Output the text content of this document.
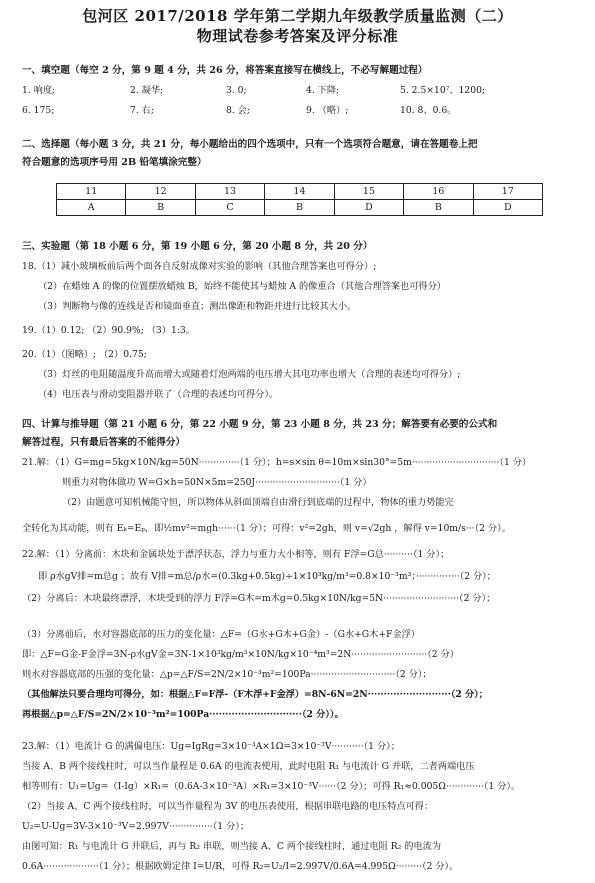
包河区 2017/2018 学年第二学期九年级教学质量监测（二）
物理试卷参考答案及评分标准
一、填空题（每空 2 分，第 9 题 4 分，共 26 分，将答案直接写在横线上，不必写解题过程）
1. 响度;	2. 凝华;	3. 0;	4. 下降;	5. 2.5×10⁷、1200;
6. 175;	7. 右;	8. 会;	9. （略）;	10. 8、0.6。
二、选择题（每小题 3 分，共 21 分，每小题给出的四个选项中，只有一个选项符合题意，请在答题卷上把
符合题意的选项序号用 2B 铅笔填涂完整）
11	12	13	14	15	16	17
A	B	C	B	D	B	D
三、实验题（第 18 小题 6 分，第 19 小题 6 分，第 20 小题 8 分，共 20 分）
18.（1）减小玻璃板前后两个面各自反射成像对实验的影响（其他合理答案也可得分）;
（2）在蜡烛 A 的像的位置摆放蜡烛 B，始终不能使其与蜡烛 A 的像重合（其他合理答案也可得分）
（3）判断物与像的连线是否和镜面垂直；测出像距和物距并进行比较其大小。
19.（1）0.12; （2）90.9%; （3）1:3。
20.（1）（图略）; （2）0.75;
（3）灯丝的电阻随温度升高而增大或随着灯泡两端的电压增大其电功率也增大（合理的表述均可得分）;
（4）电压表与滑动变阻器并联了（合理的表述均可得分）。
四、计算与推导题（第 21 小题 6 分，第 22 小题 9 分，第 23 小题 8 分，共 23 分；解答要有必要的公式和
解答过程，只有最后答案的不能得分）
21.解：（1）G=mg=5kg×10N/kg=50N··············（1 分）；h=s×sin θ=10m×sin30°=5m······························（1 分）
则重力对物体做功 W=G×h=50N×5m=250J·····························（1 分）
（2）由题意可知机械能守恒，所以物体从斜面顶端自由滑行到底端的过程中，物体的重力势能完
全转化为其动能，则有 Eₖ=Eₚ，即½mv²=mgh······（1 分）；可得：v²=2gh，则 v=√2gh ，解得 v=10m/s···（2 分）。
22.解：（1）分离前：木块和金属块处于漂浮状态，浮力与重力大小相等，则有 F浮=G总··········（1 分）；
即 ρ水gV排=m总g ；故有 V排=m总/ρ水=(0.3kg+0.5kg)÷1×10³kg/m³=0.8×10⁻³m³；···············（2 分）；
（2）分离后：木块最终漂浮，木块受到的浮力 F浮=G木=m木g=0.5kg×10N/kg=5N··························（2 分）；
（3）分离前后，水对容器底部的压力的变化量：△F=（G水+G木+G金）-（G水+G木+F金浮）
即：△F=G金-F金浮=3N-ρ水gV金=3N-1×10³kg/m³×10N/kg×10⁻⁴m³=2N··························（2 分）
则水对容器底部的压强的变化量：△p=△F/S=2N/2×10⁻³m²=100Pa·····························（2 分）；
（其他解法只要合理均可得分，如：根据△F=F浮-（F木浮+F金浮）=8N-6N=2N··························（2 分）；
再根据△p=△F/S=2N/2×10⁻³m²=100Pa·····························（2 分））。
23.解：（1）电流计 G 的满偏电压：Ug=IgRg=3×10⁻³A×1Ω=3×10⁻³V···········（1 分）；
当接 A、B 两个接线柱时，可以当作量程是 0.6A 的电流表使用，此时电阻 R₁ 与电流计 G 并联，二者两端电压
相等则有：U₁=Ug=（I-Ig）×R₁=（0.6A-3×10⁻³A）×R₁=3×10⁻³V······（2 分）；可得 R₁≈0.005Ω·············（1 分）。
（2）当接 A、C 两个接线柱时，可以当作量程为 3V 的电压表使用，根据串联电路的电压特点可得：
U₂=U-Ug=3V-3×10⁻³V=2.997V···············（1 分）；
由图可知：R₁ 与电流计 G 并联后，再与 R₂ 串联，则当接 A、C 两个接线柱时，通过电阻 R₂ 的电流为
0.6A···················（1 分）；根据欧姆定律 I=U/R，可得 R₂=U₂/I=2.997V/0.6A=4.995Ω·········（2 分）。
